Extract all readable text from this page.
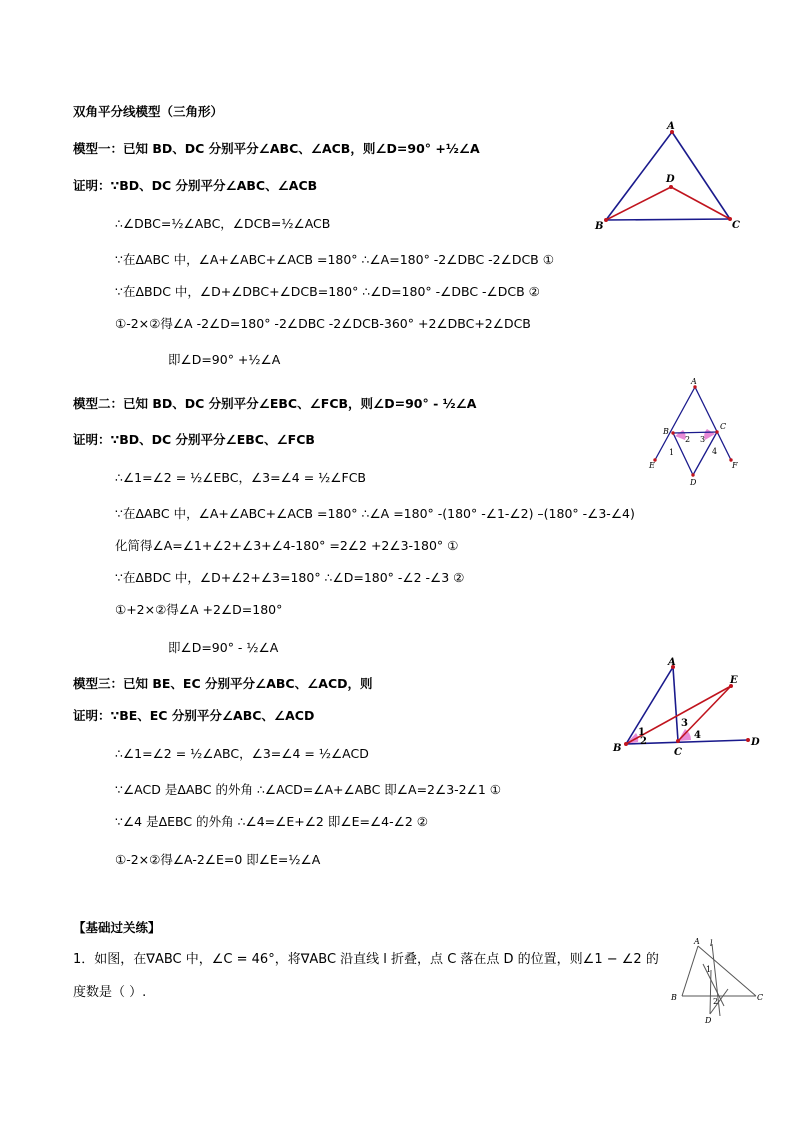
双角平分线模型（三角形）
模型一：已知 BD、DC 分别平分∠ABC、∠ACB，则∠D=90° +½∠A
证明：∵BD、DC 分别平分∠ABC、∠ACB
∴∠DBC=½∠ABC，∠DCB=½∠ACB
∵在ΔABC 中，∠A+∠ABC+∠ACB =180° ∴∠A=180° -2∠DBC -2∠DCB ①
∵在ΔBDC 中，∠D+∠DBC+∠DCB=180° ∴∠D=180° -∠DBC -∠DCB ②
①-2×②得∠A -2∠D=180° -2∠DBC -2∠DCB-360° +2∠DBC+2∠DCB
即∠D=90° +½∠A
A
B	C
D
模型二：已知 BD、DC 分别平分∠EBC、∠FCB，则∠D=90° - ½∠A
证明：∵BD、DC 分别平分∠EBC、∠FCB
∴∠1=∠2 = ½∠EBC，∠3=∠4 = ½∠FCB
∵在ΔABC 中，∠A+∠ABC+∠ACB =180° ∴∠A =180° -(180° -∠1-∠2) –(180° -∠3-∠4)
化简得∠A=∠1+∠2+∠3+∠4-180° =2∠2 +2∠3-180° ①
∵在ΔBDC 中，∠D+∠2+∠3=180° ∴∠D=180° -∠2 -∠3 ②
①+2×②得∠A +2∠D=180°
即∠D=90° - ½∠A
A
B
C
D
E	F
1
2 3
4
模型三：已知 BE、EC 分别平分∠ABC、∠ACD，则
证明：∵BE、EC 分别平分∠ABC、∠ACD
∴∠1=∠2 = ½∠ABC，∠3=∠4 = ½∠ACD
∵∠ACD 是ΔABC 的外角 ∴∠ACD=∠A+∠ABC 即∠A=2∠3-2∠1 ①
∵∠4 是ΔEBC 的外角 ∴∠4=∠E+∠2 即∠E=∠4-∠2 ②
①-2×②得∠A-2∠E=0 即∠E=½∠A
A
B	C
D
E
1
2
3
4
【基础过关练】
1．如图，在∇ABC 中，∠C = 46°，将∇ABC 沿直线 l 折叠，点 C 落在点 D 的位置，则∠1 − ∠2 的
度数是（ ）.
A l
B	C
D
1
2
